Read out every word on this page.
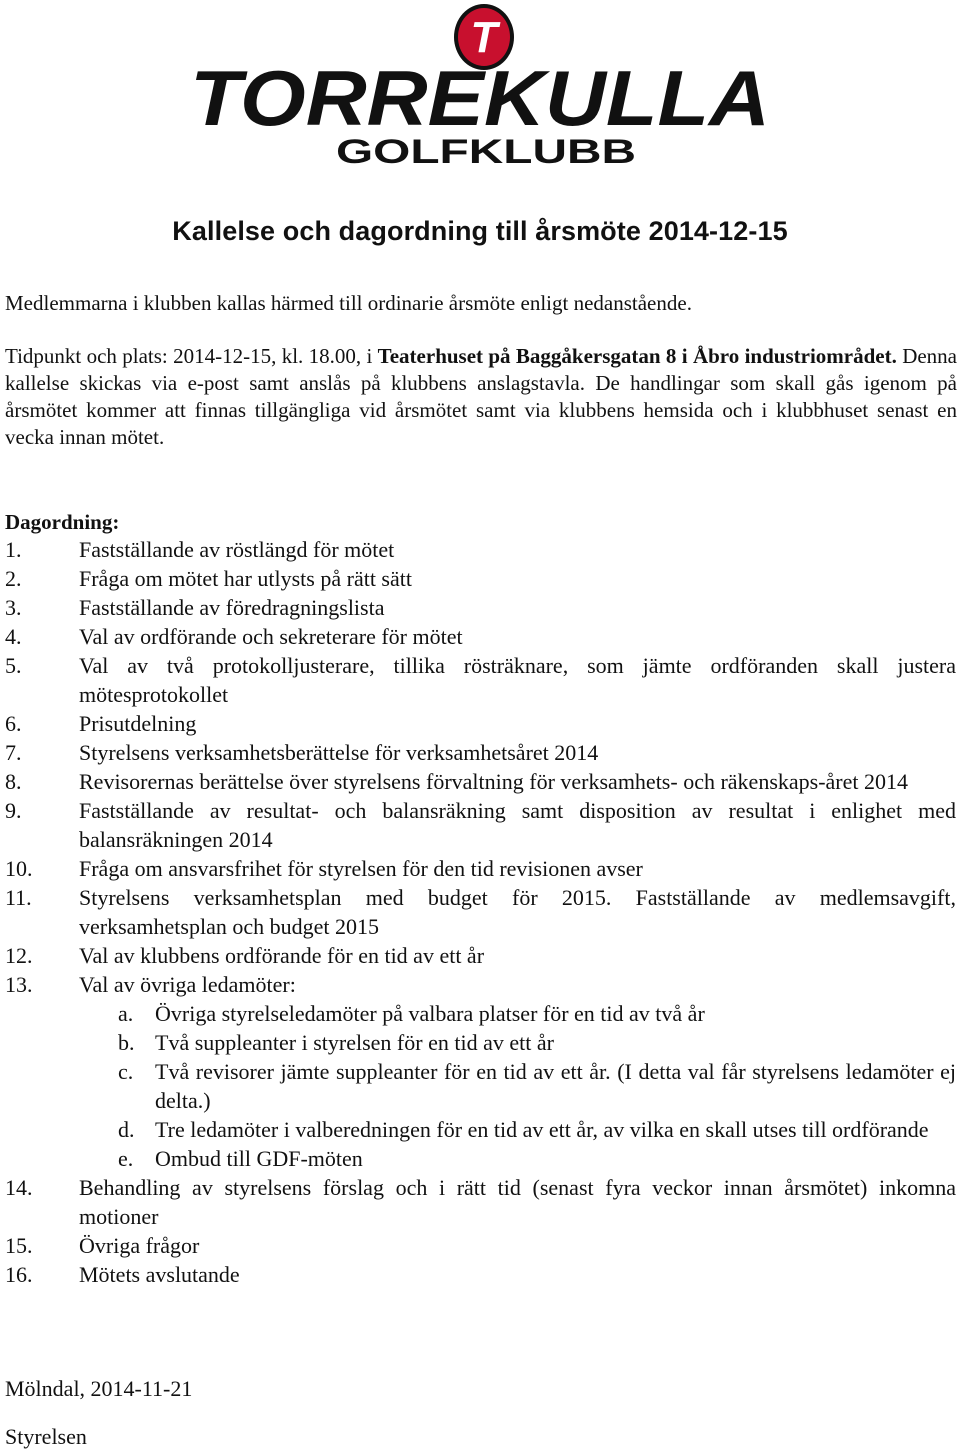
T
TORREKULLA
GOLFKLUBB
Kallelse och dagordning till årsmöte 2014-12-15
Medlemmarna i klubben kallas härmed till ordinarie årsmöte enligt nedanstående.
Tidpunkt och plats: 2014-12-15, kl. 18.00, i Teaterhuset på Baggåkersgatan 8 i Åbro industriområdet. Denna kallelse skickas via e-post samt anslås på klubbens anslagstavla. De handlingar som skall gås igenom på årsmötet kommer att finnas tillgängliga vid årsmötet samt via klubbens hemsida och i klubbhuset senast en vecka innan mötet.
Dagordning:
1.	Fastställande av röstlängd för mötet
2.	Fråga om mötet har utlysts på rätt sätt
3.	Fastställande av föredragningslista
4.	Val av ordförande och sekreterare för mötet
5.	Val av två protokolljusterare, tillika rösträknare, som jämte ordföranden skall justera mötesprotokollet
6.	Prisutdelning
7.	Styrelsens verksamhetsberättelse för verksamhetsåret 2014
8.	Revisorernas berättelse över styrelsens förvaltning för verksamhets- och räkenskaps-året 2014
9.	Fastställande av resultat- och balansräkning samt disposition av resultat i enlighet med balansräkningen 2014
10. Fråga om ansvarsfrihet för styrelsen för den tid revisionen avser
11. Styrelsens verksamhetsplan med budget för 2015. Fastställande av medlemsavgift, verksamhetsplan och budget 2015
12. Val av klubbens ordförande för en tid av ett år
13. Val av övriga ledamöter:
a. Övriga styrelseledamöter på valbara platser för en tid av två år
b. Två suppleanter i styrelsen för en tid av ett år
c. Två revisorer jämte suppleanter för en tid av ett år. (I detta val får styrelsens ledamöter ej delta.)
d. Tre ledamöter i valberedningen för en tid av ett år, av vilka en skall utses till ordförande
e. Ombud till GDF-möten
14. Behandling av styrelsens förslag och i rätt tid (senast fyra veckor innan årsmötet) inkomna motioner
15. Övriga frågor
16. Mötets avslutande
Mölndal, 2014-11-21
Styrelsen
